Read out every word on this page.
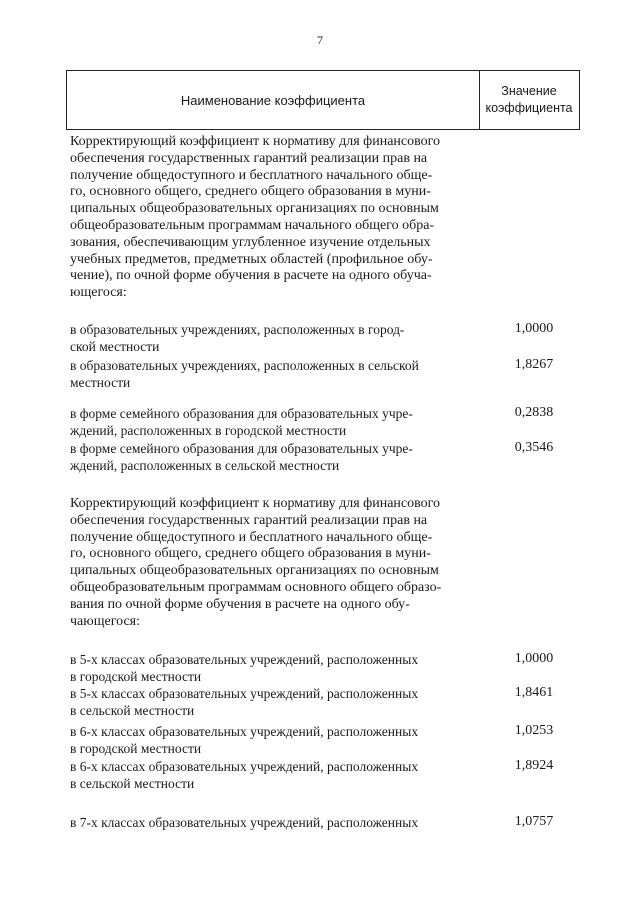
7
Наименование коэффициента
Значение
коэффициента
Корректирующий коэффициент к нормативу для финансового
обеспечения государственных гарантий реализации прав на
получение общедоступного и бесплатного начального обще-
го, основного общего, среднего общего образования в муни-
ципальных общеобразовательных организациях по основным
общеобразовательным программам начального общего обра-
зования, обеспечивающим углубленное изучение отдельных
учебных предметов, предметных областей (профильное обу-
чение), по очной форме обучения в расчете на одного обуча-
ющегося:
в образовательных учреждениях, расположенных в город-
ской местности
1,0000
в образовательных учреждениях, расположенных в сельской
местности
1,8267
в форме семейного образования для образовательных учре-
ждений, расположенных в городской местности
0,2838
в форме семейного образования для образовательных учре-
ждений, расположенных в сельской местности
0,3546
Корректирующий коэффициент к нормативу для финансового
обеспечения государственных гарантий реализации прав на
получение общедоступного и бесплатного начального обще-
го, основного общего, среднего общего образования в муни-
ципальных общеобразовательных организациях по основным
общеобразовательным программам основного общего образо-
вания по очной форме обучения в расчете на одного обу-
чающегося:
в 5-х классах образовательных учреждений, расположенных
в городской местности
1,0000
в 5-х классах образовательных учреждений, расположенных
в сельской местности
1,8461
в 6-х классах образовательных учреждений, расположенных
в городской местности
1,0253
в 6-х классах образовательных учреждений, расположенных
в сельской местности
1,8924
в 7-х классах образовательных учреждений, расположенных	1,0757
